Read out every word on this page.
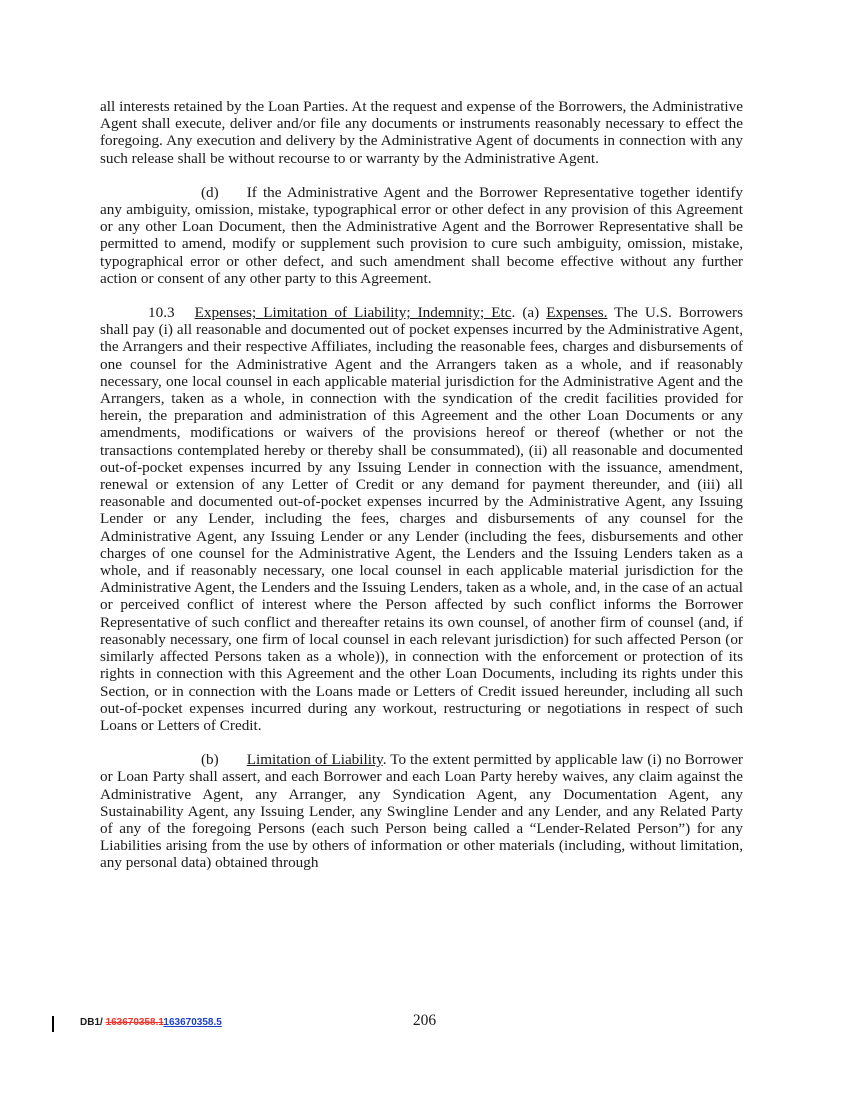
all interests retained by the Loan Parties. At the request and expense of the Borrowers, the Administrative Agent shall execute, deliver and/or file any documents or instruments reasonably necessary to effect the foregoing. Any execution and delivery by the Administrative Agent of documents in connection with any such release shall be without recourse to or warranty by the Administrative Agent.

(d) If the Administrative Agent and the Borrower Representative together identify any ambiguity, omission, mistake, typographical error or other defect in any provision of this Agreement or any other Loan Document, then the Administrative Agent and the Borrower Representative shall be permitted to amend, modify or supplement such provision to cure such ambiguity, omission, mistake, typographical error or other defect, and such amendment shall become effective without any further action or consent of any other party to this Agreement.

10.3 Expenses; Limitation of Liability; Indemnity; Etc. (a) Expenses. The U.S. Borrowers shall pay (i) all reasonable and documented out of pocket expenses incurred by the Administrative Agent, the Arrangers and their respective Affiliates, including the reasonable fees, charges and disbursements of one counsel for the Administrative Agent and the Arrangers taken as a whole, and if reasonably necessary, one local counsel in each applicable material jurisdiction for the Administrative Agent and the Arrangers, taken as a whole, in connection with the syndication of the credit facilities provided for herein, the preparation and administration of this Agreement and the other Loan Documents or any amendments, modifications or waivers of the provisions hereof or thereof (whether or not the transactions contemplated hereby or thereby shall be consummated), (ii) all reasonable and documented out-of-pocket expenses incurred by any Issuing Lender in connection with the issuance, amendment, renewal or extension of any Letter of Credit or any demand for payment thereunder, and (iii) all reasonable and documented out-of-pocket expenses incurred by the Administrative Agent, any Issuing Lender or any Lender, including the fees, charges and disbursements of any counsel for the Administrative Agent, any Issuing Lender or any Lender (including the fees, disbursements and other charges of one counsel for the Administrative Agent, the Lenders and the Issuing Lenders taken as a whole, and if reasonably necessary, one local counsel in each applicable material jurisdiction for the Administrative Agent, the Lenders and the Issuing Lenders, taken as a whole, and, in the case of an actual or perceived conflict of interest where the Person affected by such conflict informs the Borrower Representative of such conflict and thereafter retains its own counsel, of another firm of counsel (and, if reasonably necessary, one firm of local counsel in each relevant jurisdiction) for such affected Person (or similarly affected Persons taken as a whole)), in connection with the enforcement or protection of its rights in connection with this Agreement and the other Loan Documents, including its rights under this Section, or in connection with the Loans made or Letters of Credit issued hereunder, including all such out-of-pocket expenses incurred during any workout, restructuring or negotiations in respect of such Loans or Letters of Credit.

(b) Limitation of Liability. To the extent permitted by applicable law (i) no Borrower or Loan Party shall assert, and each Borrower and each Loan Party hereby waives, any claim against the Administrative Agent, any Arranger, any Syndication Agent, any Documentation Agent, any Sustainability Agent, any Issuing Lender, any Swingline Lender and any Lender, and any Related Party of any of the foregoing Persons (each such Person being called a “Lender-Related Person”) for any Liabilities arising from the use by others of information or other materials (including, without limitation, any personal data) obtained through

DB1/ 163670358.1163670358.5	206
